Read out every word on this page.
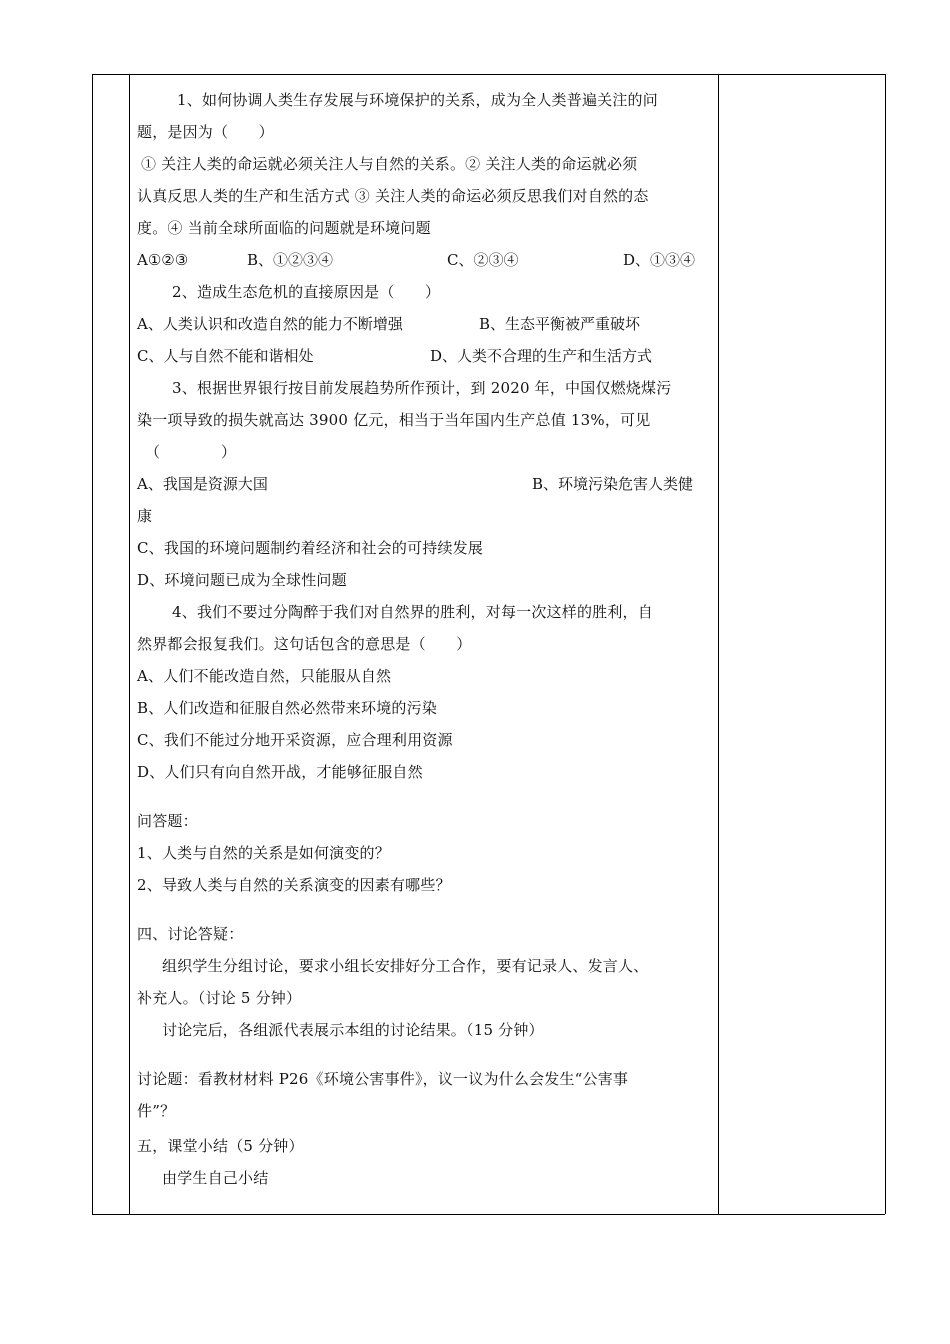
1、如何协调人类生存发展与环境保护的关系，成为全人类普遍关注的问
题，是因为（　　）
① 关注人类的命运就必须关注人与自然的关系。② 关注人类的命运就必须
认真反思人类的生产和生活方式 ③ 关注人类的命运必须反思我们对自然的态
度。④ 当前全球所面临的问题就是环境问题
A①②③	B、①②③④	C、②③④	D、①③④
2、造成生态危机的直接原因是（　　）
A、人类认识和改造自然的能力不断增强	B、生态平衡被严重破坏
C、人与自然不能和谐相处	D、人类不合理的生产和生活方式
3、根据世界银行按目前发展趋势所作预计，到 2020 年，中国仅燃烧煤污
染一项导致的损失就高达 3900 亿元，相当于当年国内生产总值 13%，可见
（　　　　）
A、我国是资源大国	B、环境污染危害人类健
康
C、我国的环境问题制约着经济和社会的可持续发展
D、环境问题已成为全球性问题
4、我们不要过分陶醉于我们对自然界的胜利，对每一次这样的胜利，自
然界都会报复我们。这句话包含的意思是（　　）
A、人们不能改造自然，只能服从自然
B、人们改造和征服自然必然带来环境的污染
C、我们不能过分地开采资源，应合理利用资源
D、人们只有向自然开战，才能够征服自然
问答题：
1、人类与自然的关系是如何演变的？
2、导致人类与自然的关系演变的因素有哪些？
四、讨论答疑：
组织学生分组讨论，要求小组长安排好分工合作，要有记录人、发言人、
补充人。（讨论 5 分钟）
讨论完后，各组派代表展示本组的讨论结果。（15 分钟）
讨论题：看教材材料 P26《环境公害事件》，议一议为什么会发生“公害事
件”？
五，课堂小结（5 分钟）
由学生自己小结
